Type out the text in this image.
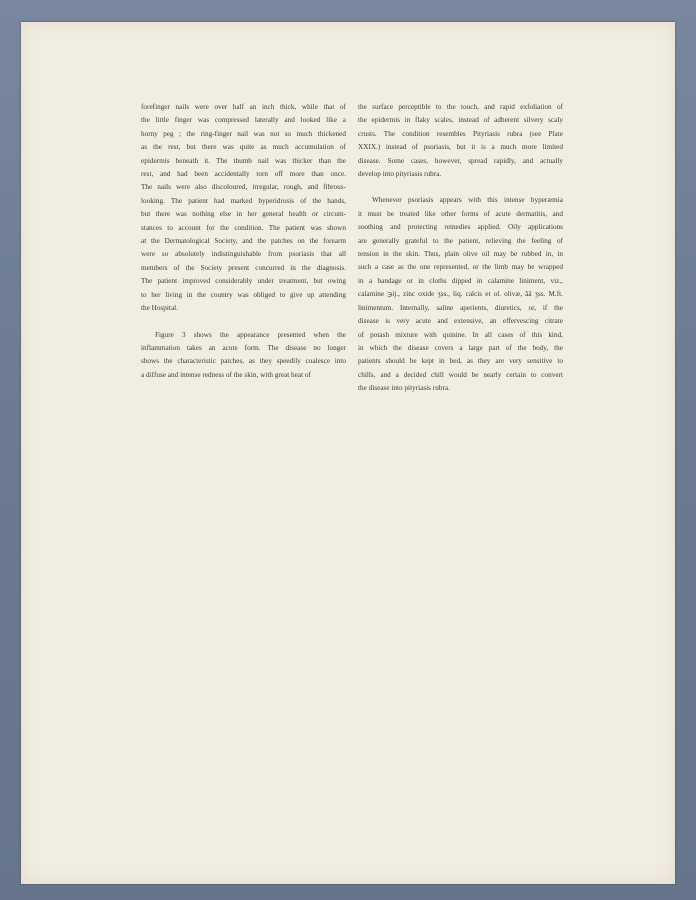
forefinger nails were over half an inch thick, while that of
the little finger was compressed laterally and looked like a
horny peg ; the ring-finger nail was not so much thickened
as the rest, but there was quite as much accumulation of
epidermis beneath it. The thumb nail was thicker than the
rest, and had been accidentally torn off more than once.
The nails were also discoloured, irregular, rough, and fibrous-
looking. The patient had marked hyperidrosis of the hands,
but there was nothing else in her general health or circum-
stances to account for the condition. The patient was shown
at the Dermatological Society, and the patches on the forearm
were so absolutely indistinguishable from psoriasis that all
members of the Society present concurred in the diagnosis.
The patient improved considerably under treatment, but owing
to her living in the country was obliged to give up attending
the Hospital.
Figure 3 shows the appearance presented when the
inflammation takes an acute form. The disease no longer
shows the characteristic patches, as they speedily coalesce into
a diffuse and intense redness of the skin, with great heat of
the surface perceptible to the touch, and rapid exfoliation of
the epidermis in flaky scales, instead of adherent silvery scaly
crusts. The condition resembles Pityriasis rubra (see Plate
XXIX.) instead of psoriasis, but it is a much more limited
disease. Some cases, however, spread rapidly, and actually
develop into pityriasis rubra.
Whenever psoriasis appears with this intense hyperæmia
it must be treated like other forms of acute dermatitis, and
soothing and protecting remedies applied. Oily applications
are generally grateful to the patient, relieving the feeling of
tension in the skin. Thus, plain olive oil may be rubbed in, in
such a case as the one represented, or the limb may be wrapped
in a bandage or in cloths dipped in calamine liniment, viz.,
calamine ℈ij., zinc oxide ʒss., liq. calcis et ol. olivæ, āā ʒss. M.ft.
linimentum. Internally, saline aperients, diuretics, or, if the
disease is very acute and extensive, an effervescing citrate
of potash mixture with quinine. In all cases of this kind,
in which the disease covers a large part of the body, the
patients should be kept in bed, as they are very sensitive to
chills, and a decided chill would be nearly certain to convert
the disease into pityriasis rubra.
